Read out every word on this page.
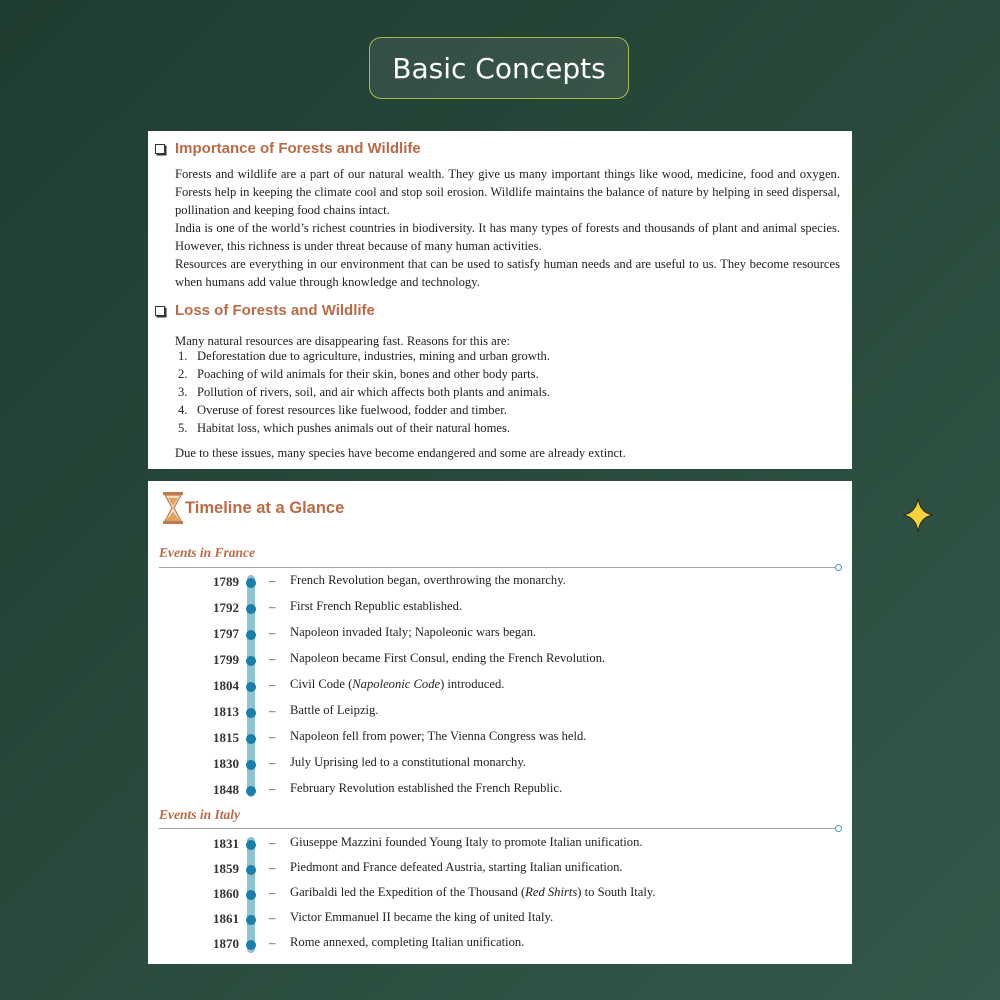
Basic Concepts
Importance of Forests and Wildlife

Forests and wildlife are a part of our natural wealth. They give us many important things like wood, medicine, food and oxygen. Forests help in keeping the climate cool and stop soil erosion. Wildlife maintains the balance of nature by helping in seed dispersal, pollination and keeping food chains intact.

India is one of the world’s richest countries in biodiversity. It has many types of forests and thousands of plant and animal species. However, this richness is under threat because of many human activities.

Resources are everything in our environment that can be used to satisfy human needs and are useful to us. They become resources when humans add value through knowledge and technology.

Loss of Forests and Wildlife

Many natural resources are disappearing fast. Reasons for this are:

1. Deforestation due to agriculture, industries, mining and urban growth.
2. Poaching of wild animals for their skin, bones and other body parts.
3. Pollution of rivers, soil, and air which affects both plants and animals.
4. Overuse of forest resources like fuelwood, fodder and timber.
5. Habitat loss, which pushes animals out of their natural homes.

Due to these issues, many species have become endangered and some are already extinct.

Timeline at a Glance
Events in France
1789 – French Revolution began, overthrowing the monarchy.
1792 – First French Republic established.
1797 – Napoleon invaded Italy; Napoleonic wars began.
1799 – Napoleon became First Consul, ending the French Revolution.
1804 – Civil Code (Napoleonic Code) introduced.
1813 – Battle of Leipzig.
1815 – Napoleon fell from power; The Vienna Congress was held.
1830 – July Uprising led to a constitutional monarchy.
1848 – February Revolution established the French Republic.
Events in Italy
1831 – Giuseppe Mazzini founded Young Italy to promote Italian unification.
1859 – Piedmont and France defeated Austria, starting Italian unification.
1860 – Garibaldi led the Expedition of the Thousand (Red Shirts) to South Italy.
1861 – Victor Emmanuel II became the king of united Italy.
1870 – Rome annexed, completing Italian unification.
